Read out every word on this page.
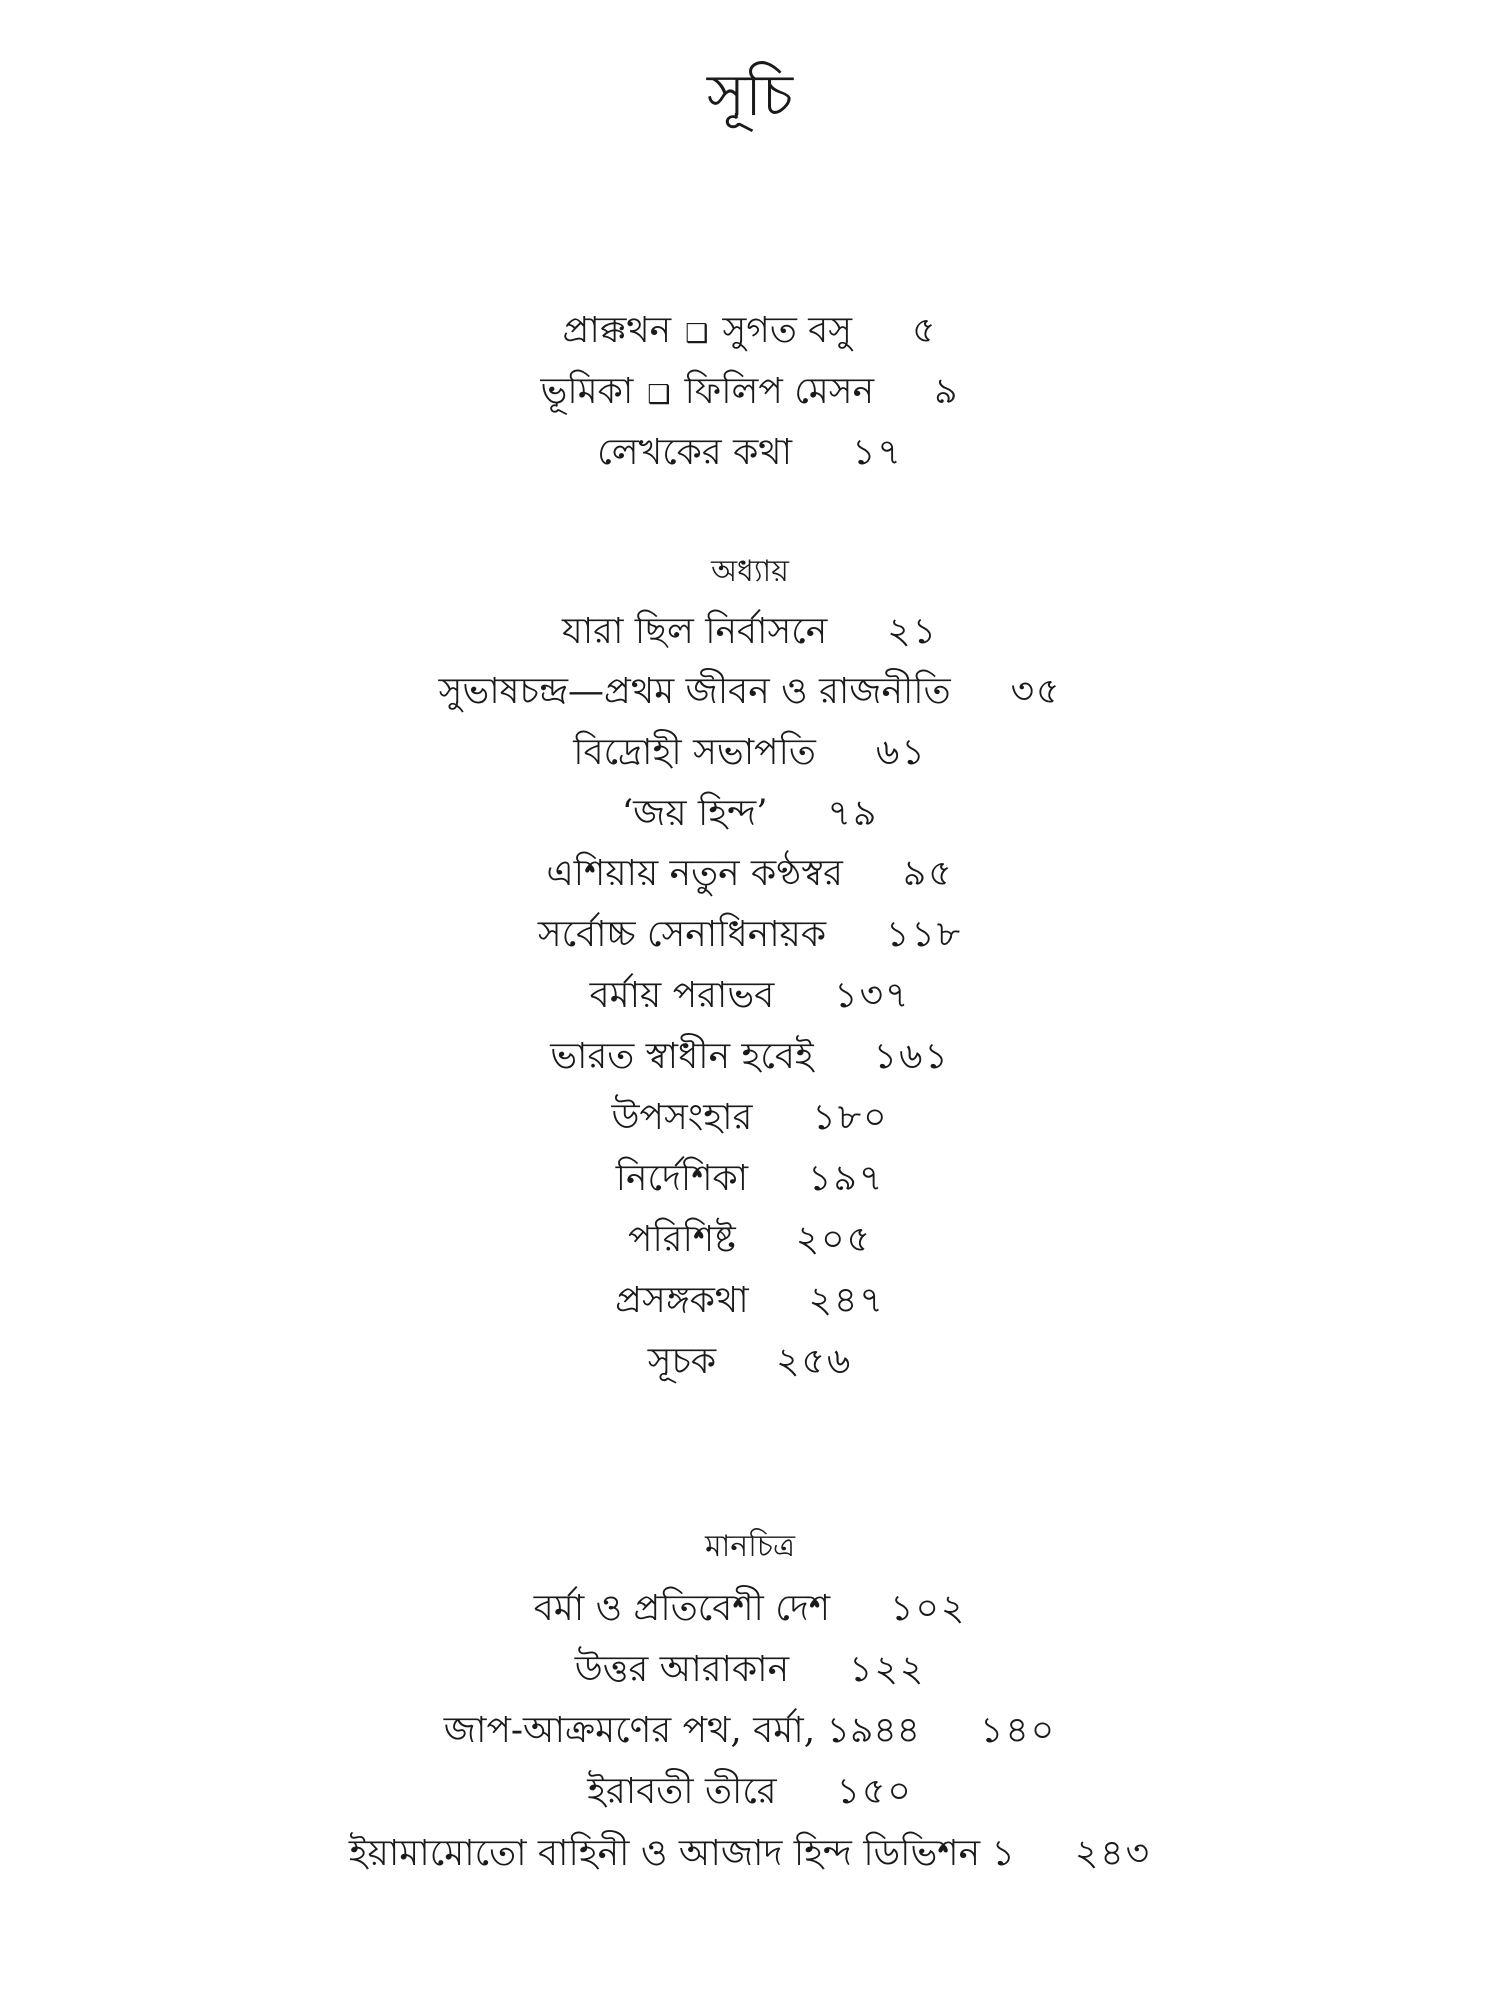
সূচি
প্রাক্কথন ❑ সুগত বসু ৫
ভূমিকা ❑ ফিলিপ মেসন ৯
লেখকের কথা ১৭
অধ্যায়
যারা ছিল নির্বাসনে ২১
সুভাষচন্দ্র—প্রথম জীবন ও রাজনীতি ৩৫
বিদ্রোহী সভাপতি ৬১
‘জয় হিন্দ’ ৭৯
এশিয়ায় নতুন কণ্ঠস্বর ৯৫
সর্বোচ্চ সেনাধিনায়ক ১১৮
বর্মায় পরাভব ১৩৭
ভারত স্বাধীন হবেই ১৬১
উপসংহার ১৮০
নির্দেশিকা ১৯৭
পরিশিষ্ট ২০৫
প্রসঙ্গকথা ২৪৭
সূচক ২৫৬
মানচিত্র
বর্মা ও প্রতিবেশী দেশ ১০২
উত্তর আরাকান ১২২
জাপ-আক্রমণের পথ, বর্মা, ১৯৪৪ ১৪০
ইরাবতী তীরে ১৫০
ইয়ামামোতো বাহিনী ও আজাদ হিন্দ ডিভিশন ১ ২৪৩
